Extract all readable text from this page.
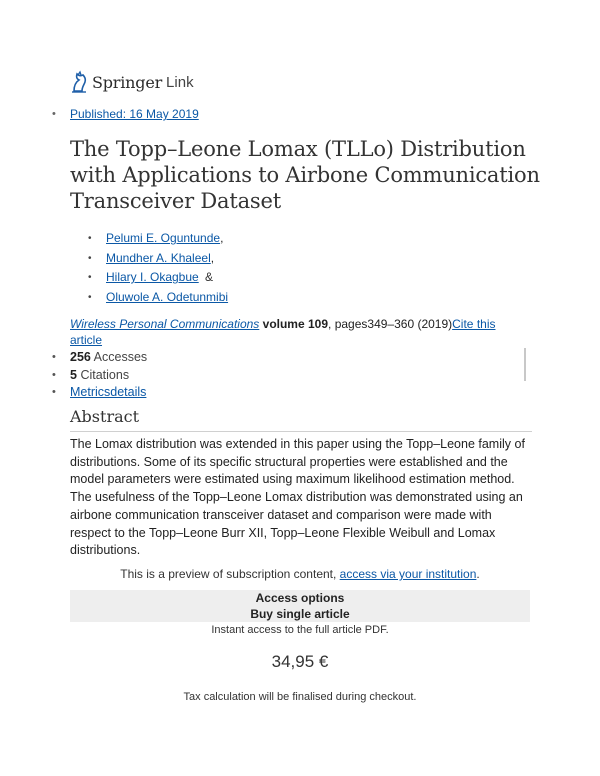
Springer Link
• Published: 16 May 2019
The Topp–Leone Lomax (TLLo) Distribution with Applications to Airbone Communication Transceiver Dataset
• Pelumi E. Oguntunde,
• Mundher A. Khaleel,
• Hilary I. Okagbue &
• Oluwole A. Odetunmibi
Wireless Personal Communications volume 109, pages349–360 (2019)Cite this article
• 256 Accesses
• 5 Citations
• Metricsdetails
Abstract

The Lomax distribution was extended in this paper using the Topp–Leone family of distributions. Some of its specific structural properties were established and the model parameters were estimated using maximum likelihood estimation method. The usefulness of the Topp–Leone Lomax distribution was demonstrated using an airbone communication transceiver dataset and comparison were made with respect to the Topp–Leone Burr XII, Topp–Leone Flexible Weibull and Lomax distributions.

This is a preview of subscription content, access via your institution.
Access options
Buy single article
Instant access to the full article PDF.
34,95 €
Tax calculation will be finalised during checkout.
